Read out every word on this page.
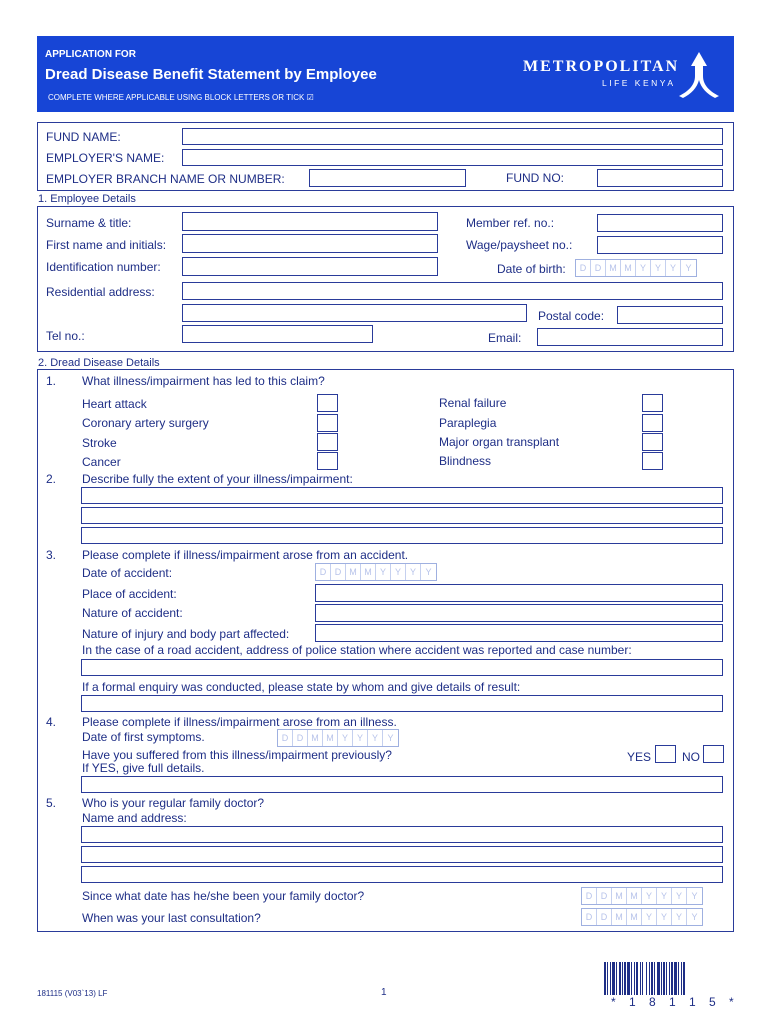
APPLICATION FOR
Dread Disease Benefit Statement by Employee
COMPLETE WHERE APPLICABLE USING BLOCK LETTERS OR TICK ☑
METROPOLITAN
LIFE KENYA
FUND NAME:
EMPLOYER'S NAME:
EMPLOYER BRANCH NAME OR NUMBER:	FUND NO:
1. Employee Details
Surname & title:	Member ref. no.:
First name and initials:	Wage/paysheet no.:
Identification number:	Date of birth:	D D M M Y Y Y	Y
Residential address:
Postal code:
Tel no.:	Email:
2. Dread Disease Details
1. What illness/impairment has led to this claim?
Heart attack
Coronary artery surgery
Stroke
Cancer
Renal failure
Paraplegia
Major organ transplant
Blindness
2. Describe fully the extent of your illness/impairment:
3. Please complete if illness/impairment arose from an accident.
Date of accident:	D D M M Y Y Y	Y
Place of accident:
Nature of accident:
Nature of injury and body part affected:
In the case of a road accident, address of police station where accident was reported and case number:
If a formal enquiry was conducted, please state by whom and give details of result:
4. Please complete if illness/impairment arose from an illness.
Date of first symptoms.	D D M M Y Y Y	Y
Have you suffered from this illness/impairment previously?
If YES, give full details.
YES	NO
5. Who is your regular family doctor?
Name and address:
Since what date has he/she been your family doctor?	D D M M Y Y Y	Y
When was your last consultation?	D D M M Y Y Y	Y
181115 (V03`13) LF	1
* 1 8 1 1 5 *
